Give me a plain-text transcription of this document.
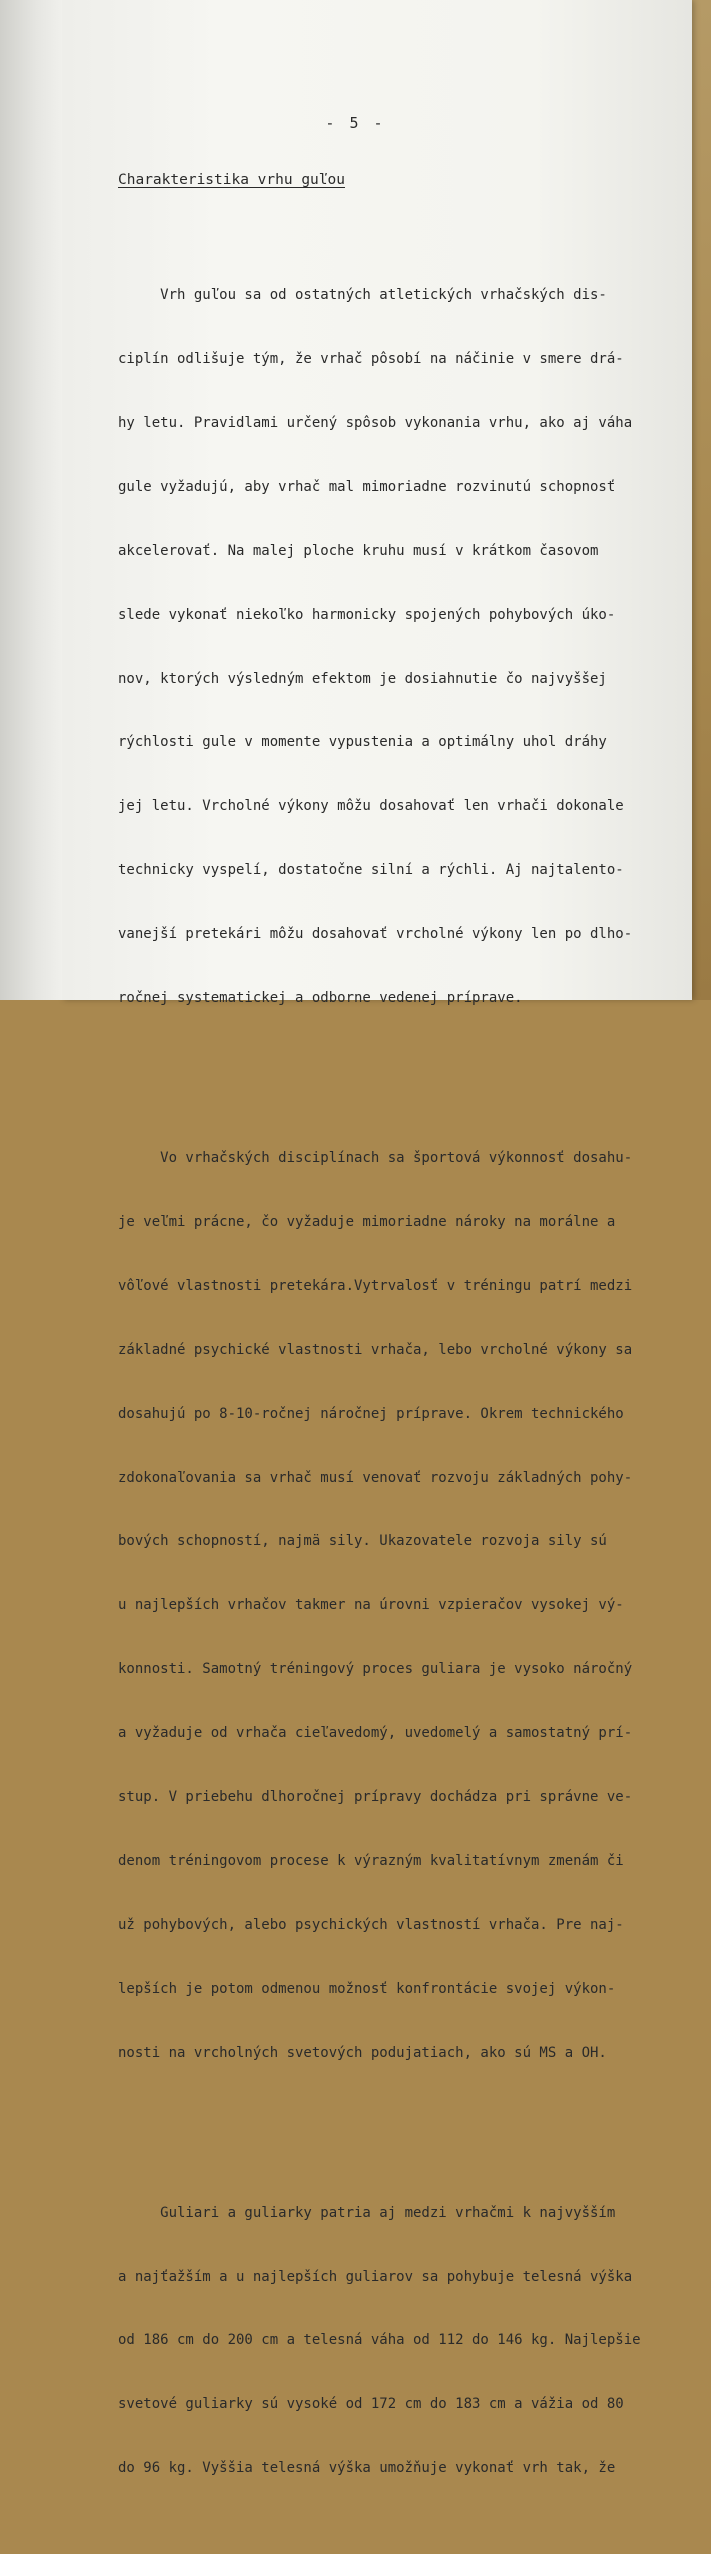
- 5 -
Charakteristika vrhu guľou

Vrh guľou sa od ostatných atletických vrhačských dis-

ciplín odlišuje tým, že vrhač pôsobí na náčinie v smere drá-

hy letu. Pravidlami určený spôsob vykonania vrhu, ako aj váha

gule vyžadujú, aby vrhač mal mimoriadne rozvinutú schopnosť

akcelerovať. Na malej ploche kruhu musí v krátkom časovom

slede vykonať niekoľko harmonicky spojených pohybových úko-

nov, ktorých výsledným efektom je dosiahnutie čo najvyššej

rýchlosti gule v momente vypustenia a optimálny uhol dráhy

jej letu. Vrcholné výkony môžu dosahovať len vrhači dokonale

technicky vyspelí, dostatočne silní a rýchli. Aj najtalento-

vanejší pretekári môžu dosahovať vrcholné výkony len po dlho-

ročnej systematickej a odborne vedenej príprave.

Vo vrhačských disciplínach sa športová výkonnosť dosahu-

je veľmi prácne, čo vyžaduje mimoriadne nároky na morálne a

vôľové vlastnosti pretekára.Vytrvalosť v tréningu patrí medzi

základné psychické vlastnosti vrhača, lebo vrcholné výkony sa

dosahujú po 8-10-ročnej náročnej príprave. Okrem technického

zdokonaľovania sa vrhač musí venovať rozvoju základných pohy-

bových schopností, najmä sily. Ukazovatele rozvoja sily sú

u najlepších vrhačov takmer na úrovni vzpieračov vysokej vý-

konnosti. Samotný tréningový proces guliara je vysoko náročný

a vyžaduje od vrhača cieľavedomý, uvedomelý a samostatný prí-

stup. V priebehu dlhoročnej prípravy dochádza pri správne ve-

denom tréningovom procese k výrazným kvalitatívnym zmenám či

už pohybových, alebo psychických vlastností vrhača. Pre naj-

lepších je potom odmenou možnosť konfrontácie svojej výkon-

nosti na vrcholných svetových podujatiach, ako sú MS a OH.

Guliari a guliarky patria aj medzi vrhačmi k najvyšším

a najťažším a u najlepších guliarov sa pohybuje telesná výška

od 186 cm do 200 cm a telesná váha od 112 do 146 kg. Najlepšie

svetové guliarky sú vysoké od 172 cm do 183 cm a vážia od 80

do 96 kg. Vyššia telesná výška umožňuje vykonať vrh tak, že
